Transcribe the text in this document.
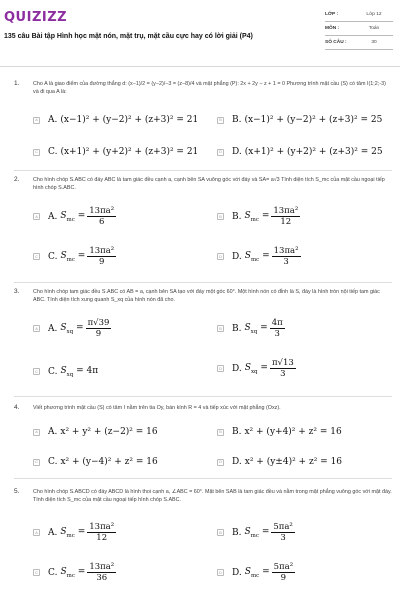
QUIZIZZ
135 câu Bài tập Hình học mặt nón, mặt trụ, mặt cầu cực hay có lời giải (P4)
LỚP :	Lớp 12
MÔN :	Toán
SỐ CÂU :	30
1.	Cho A là giao điểm của đường thẳng d: (x−1)/2 = (y−2)/−3 = (z−8)/4 và mặt phẳng (P): 2x + 2y − z + 1 = 0 Phương trình mặt cầu (S) có tâm I(1;2;-3) và đi qua A là:
A A. (x−1)² + (y−2)² + (z+3)² = 21	B B. (x−1)² + (y−2)² + (z+3)² = 25
C C. (x+1)² + (y+2)² + (z+3)² = 21	D D. (x+1)² + (y+2)² + (z+3)² = 25
2.	Cho hình chóp S.ABC có đáy ABC là tam giác đều cạnh a, cạnh bên SA vuông góc với đáy và SA= a√3 Tính diện tích S_mc của mặt cầu ngoại tiếp hình chóp S.ABC.
A A. $S_{mc} = \frac{\text{13πa²}}{6}$	B B. $S_{mc} = \frac{\text{13πa²}}{12}$
C C. $S_{mc} = \frac{\text{13πa²}}{9}$	D D. $S_{mc} = \frac{\text{13πa²}}{3}$
3.	Cho hình chóp tam giác đều S.ABC có AB = a, cạnh bên SA tạo với đáy một góc 60°. Một hình nón có đỉnh là S, đáy là hình tròn nội tiếp tam giác ABC. Tính diện tích xung quanh S_xq của hình nón đã cho.
A A. $S_{xq} = \frac{\pi√39}{9}$	B B. $S_{xq} = \frac{4\pi}{3}$
C C. $S_{xq} = 4\pi$	D D. $S_{xq} = \frac{\pi√13}{3}$
4.	Viết phương trình mặt cầu (S) có tâm I nằm trên tia Oy, bán kính R = 4 và tiếp xúc với mặt phẳng (Oxz).
A A. x² + y² + (z−2)² = 16	B B. x² + (y+4)² + z² = 16
C C. x² + (y−4)² + z² = 16	D D. x² + (y±4)² + z² = 16
5.	Cho hình chóp S.ABCD có đáy ABCD là hình thoi cạnh a, ∠ABC = 60°. Mặt bên SAB là tam giác đều và nằm trong mặt phẳng vuông góc với mặt đáy. Tính diện tích S_mc của mặt cầu ngoại tiếp hình chóp S.ABC.
A A. $S_{mc} = \frac{\text{13πa²}}{12}$	B B. $S_{mc} = \frac{\text{5πa²}}{3}$
C C. $S_{mc} = \frac{\text{13πa²}}{36}$	D D. $S_{mc} = \frac{\text{5πa²}}{9}$
